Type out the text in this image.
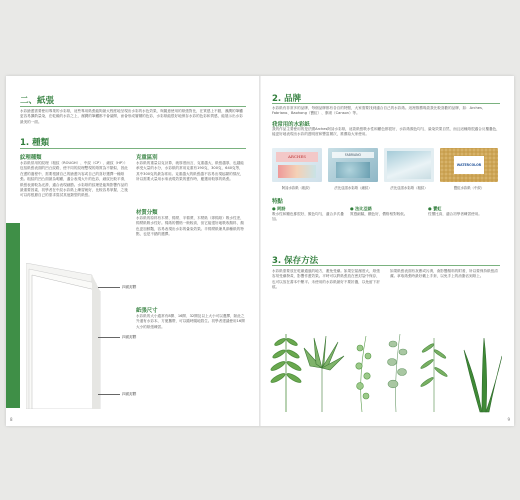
二、紙張
水彩繪畫需要使用專業的水彩紙，這些專用紙張能夠最大程度地呈現出水彩的水色效果，與隨意使用的紙張對比，在質感上不錯，濕潤的筆觸更容易擴散量染，在乾燥的水彩之上，濕潤的筆觸都不會暈開，而會形成層層的色彩，水彩紙能很好地保存水彩的色彩和質感，能展示出水彩最美的一面。
1. 種類
紋理種類
水彩紙常用的紋理（粗紋（ROUGH）、中紋（CP）、細紋（HP））包括紙張表面的凹凸紋路，使不同的紋理雙現的紙質為不類似，因此在畫的過程中，需要根據自己的繪畫內容或自己的喜好選擇一種紙張。粗紋的凹凸面最為明顯，適合表現大片的色彩，細紋比較平滑，紙張表面較為光滑，適合表現細節。水彩紙的紋理是能夠影響作品的最重要因素，初學者在中紋水彩紙上練習就好，比較容易掌握，之後可以再根據自己的需求嘗試其他類型的紙張。
四面封膠
四面封膠
四面封膠
克重區別
水彩紙的重量以克計算，就厚度而言，克重越大，紙張越厚，也越能承受大量的水分，水彩紙的常用克重有190克、300克、640克等，其中300克的最為常用。克重越大的紙張越不容易出現起皺的情況，所以需要大量用水來表現效果的畫作時，應選用較厚的紙張。
材質分類
水彩紙的原料有木漿、棉漿、半棉漿，木漿紙（即棉紙）吸水性差，棉漿紙吸水性好。棉紙的價格一般較高，但它能很好地吸收顏料，顏色更加鮮豔，容易表現出水彩的暈染效果。半棉漿紙兼具兩種紙的特點，也是不錯的選擇。
紙張尺寸
水彩紙的大小通常有8開、16開、32開及以上大小可以選擇，除此之外還有水彩本，方便攜帶，可以隨時隨地寫生。初學者建議使用16開大小的紙張練習。
8
2. 品牌
水彩紙有非常多的品牌，每個品牌都有各自的特點，大家需要找到適合自己的水彩紙。這裡推薦幾款我比較喜歡的品牌，如：Arches、Fabriano、Baohong（寶虹）、康頌（Canson）等。
我常用的水彩紙
我的作品主要使用的是法國Arches阿詩水彩紙，這款紙張吸水性和顯色都很好，水彩紙顏色均勻，暈染效果自然，而且這種紙很適合反覆疊色，能更好地表現出水彩的透明度和豐富層次，推薦給大家使用。
ARCHES	FABRIANO
WATERCOLOR
阿詩水彩紙（粗紋）	法比亞諾水彩紙（細紋）	法比亞諾水彩紙（粗紋）	寶虹水彩紙（中紋）
特點
● 阿詩
吸水性和顯色都很好，顏色均勻，適合多次疊加。
● 法比亞諾
質感細膩，顯色好，價格相對較低。
● 寶虹
性價比高，適合初學者練習使用。
3. 保存方法
水彩紙需要放在乾燥通風的地方，避免受潮。如果空氣濕度大，紙張容易受潮發黃，影響作畫效果。平時可以將紙張放在密封袋中保存，也可以放在書本中壓平。未使用的水彩紙最好不要折疊，以免留下折痕。
如果紙張表面有灰塵或污漬，會影響顏料的附著，所以要保持紙張清潔。拿取紙張時最好戴上手套，以免手上的油脂沾到紙上。
9
